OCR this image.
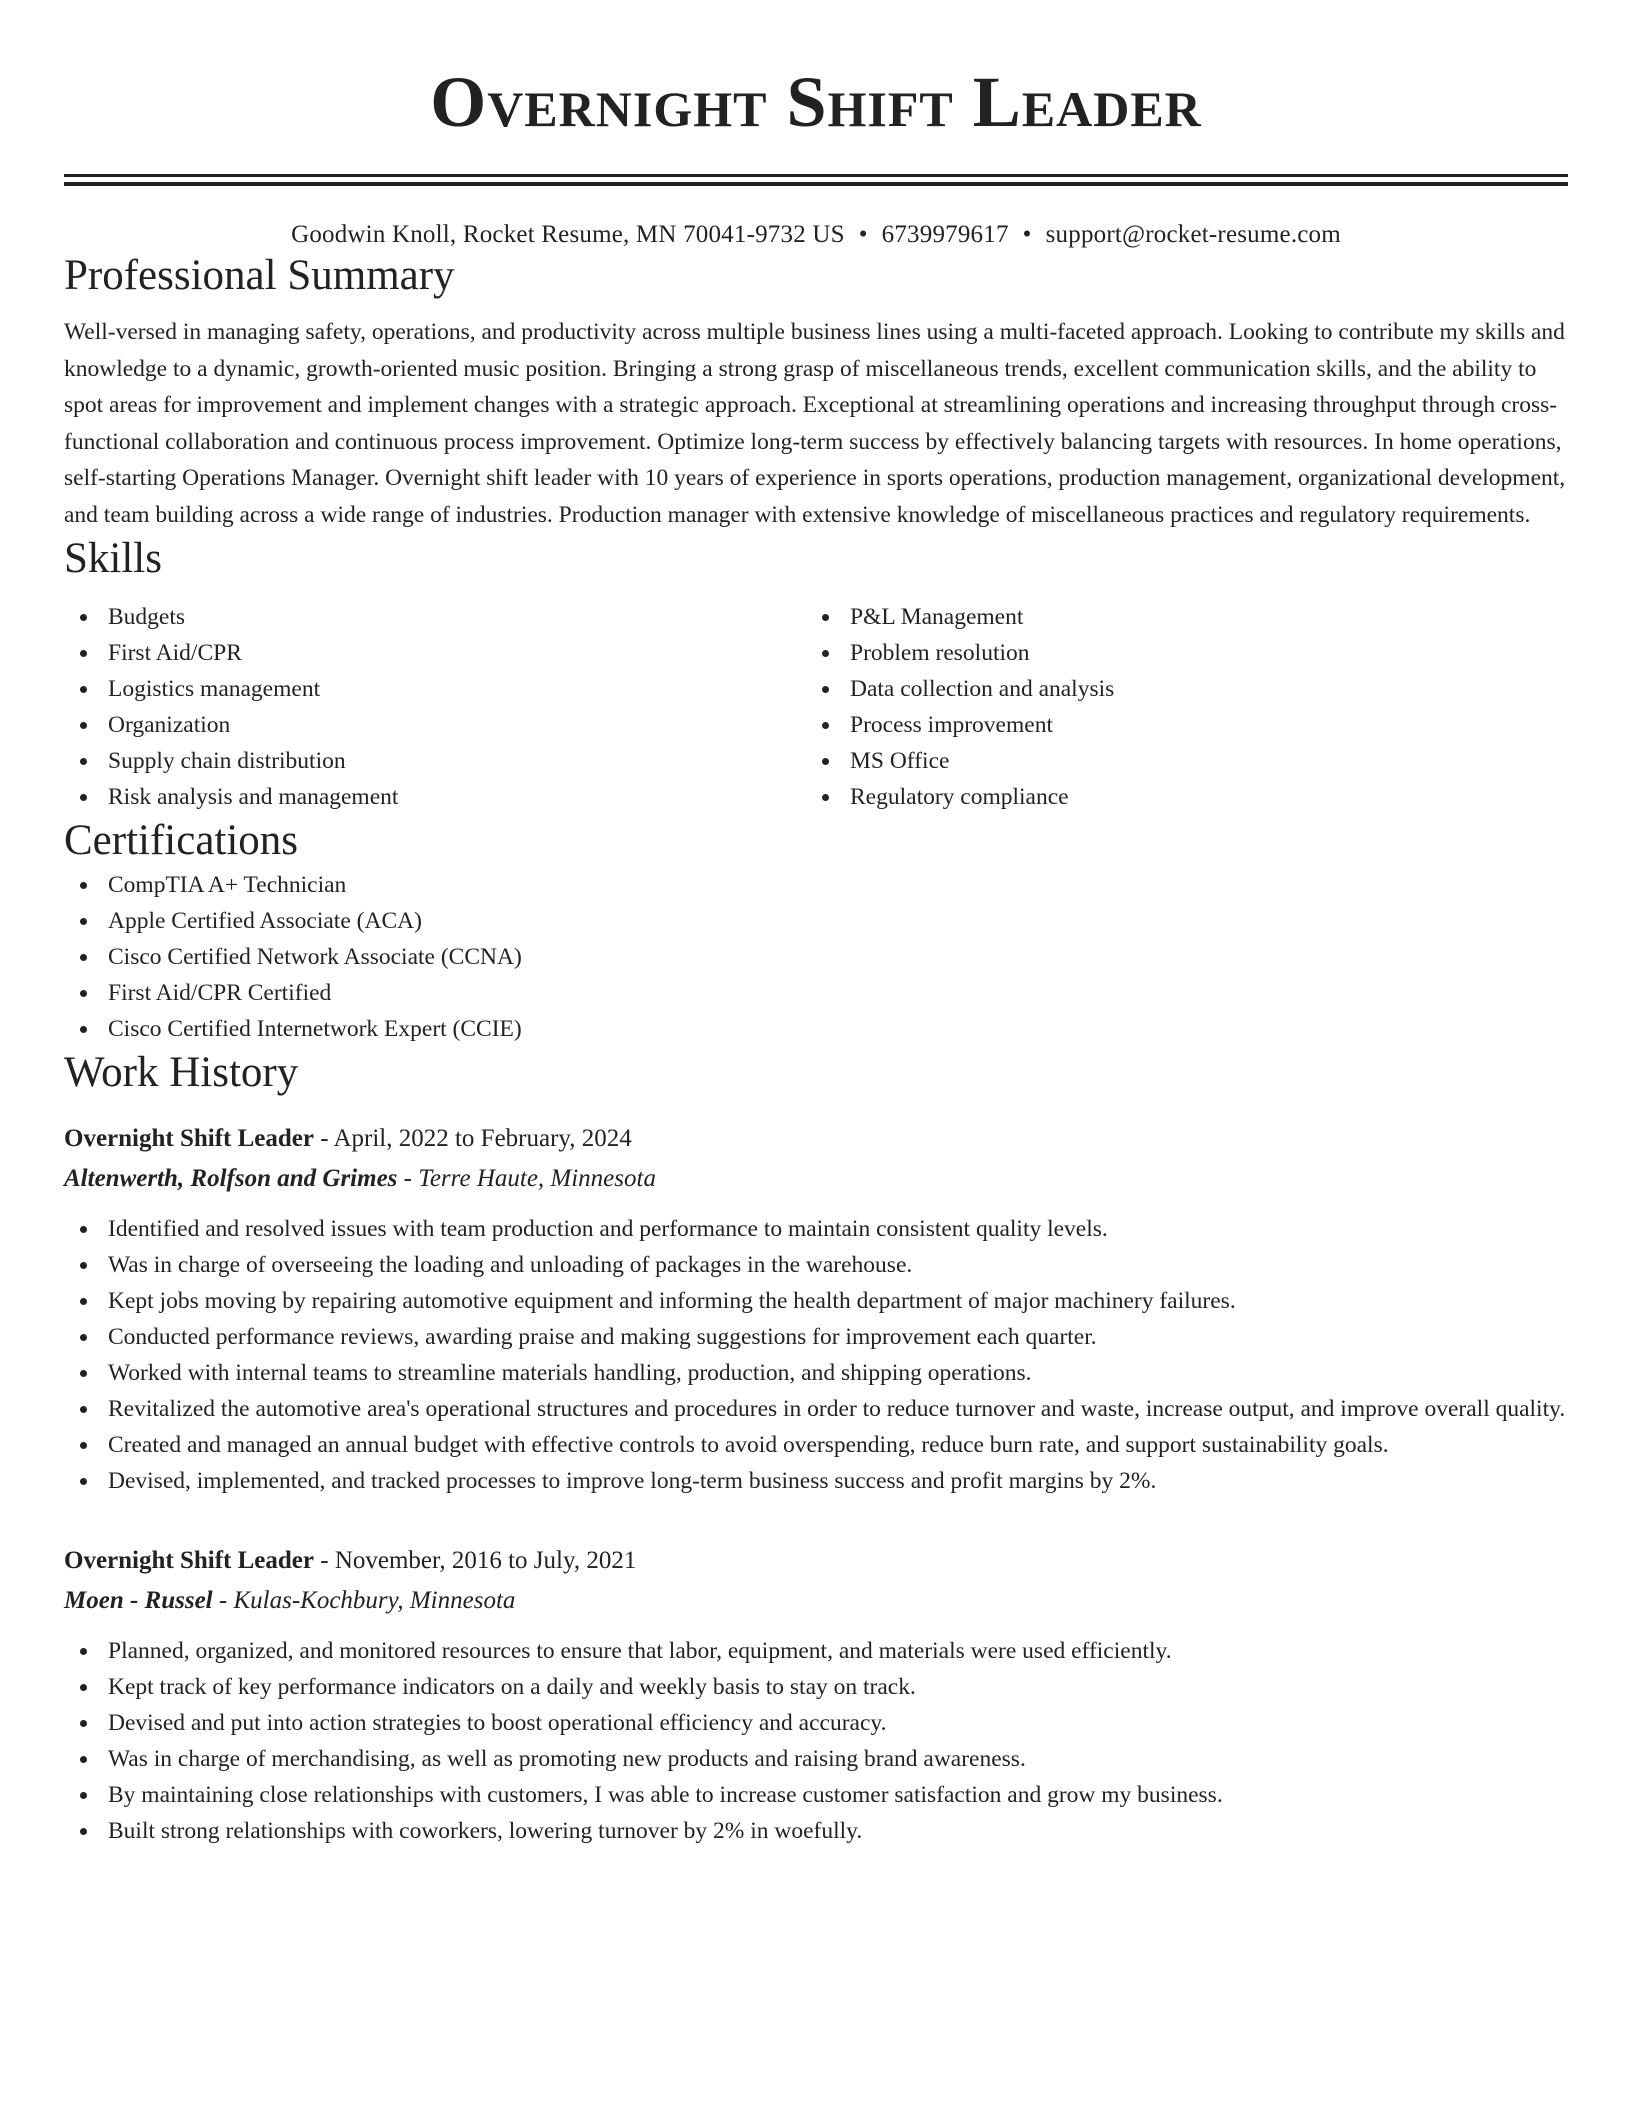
Overnight Shift Leader
Goodwin Knoll, Rocket Resume, MN 70041-9732 US • 6739979617 • support@rocket-resume.com
Professional Summary

Well-versed in managing safety, operations, and productivity across multiple business lines using a multi-faceted approach. Looking to contribute my skills and knowledge to a dynamic, growth-oriented music position. Bringing a strong grasp of miscellaneous trends, excellent communication skills, and the ability to spot areas for improvement and implement changes with a strategic approach. Exceptional at streamlining operations and increasing throughput through cross-functional collaboration and continuous process improvement. Optimize long-term success by effectively balancing targets with resources. In home operations, self-starting Operations Manager. Overnight shift leader with 10 years of experience in sports operations, production management, organizational development, and team building across a wide range of industries. Production manager with extensive knowledge of miscellaneous practices and regulatory requirements.

Skills
Budgets
First Aid/CPR
Logistics management
Organization
Supply chain distribution
Risk analysis and management
P&L Management
Problem resolution
Data collection and analysis
Process improvement
MS Office
Regulatory compliance
Certifications
CompTIA A+ Technician
Apple Certified Associate (ACA)
Cisco Certified Network Associate (CCNA)
First Aid/CPR Certified
Cisco Certified Internetwork Expert (CCIE)
Work History
Overnight Shift Leader - April, 2022 to February, 2024
Altenwerth, Rolfson and Grimes - Terre Haute, Minnesota
Identified and resolved issues with team production and performance to maintain consistent quality levels.
Was in charge of overseeing the loading and unloading of packages in the warehouse.
Kept jobs moving by repairing automotive equipment and informing the health department of major machinery failures.
Conducted performance reviews, awarding praise and making suggestions for improvement each quarter.
Worked with internal teams to streamline materials handling, production, and shipping operations.
Revitalized the automotive area's operational structures and procedures in order to reduce turnover and waste, increase output, and improve overall quality.
Created and managed an annual budget with effective controls to avoid overspending, reduce burn rate, and support sustainability goals.
Devised, implemented, and tracked processes to improve long-term business success and profit margins by 2%.
Overnight Shift Leader - November, 2016 to July, 2021
Moen - Russel - Kulas-Kochbury, Minnesota
Planned, organized, and monitored resources to ensure that labor, equipment, and materials were used efficiently.
Kept track of key performance indicators on a daily and weekly basis to stay on track.
Devised and put into action strategies to boost operational efficiency and accuracy.
Was in charge of merchandising, as well as promoting new products and raising brand awareness.
By maintaining close relationships with customers, I was able to increase customer satisfaction and grow my business.
Built strong relationships with coworkers, lowering turnover by 2% in woefully.
